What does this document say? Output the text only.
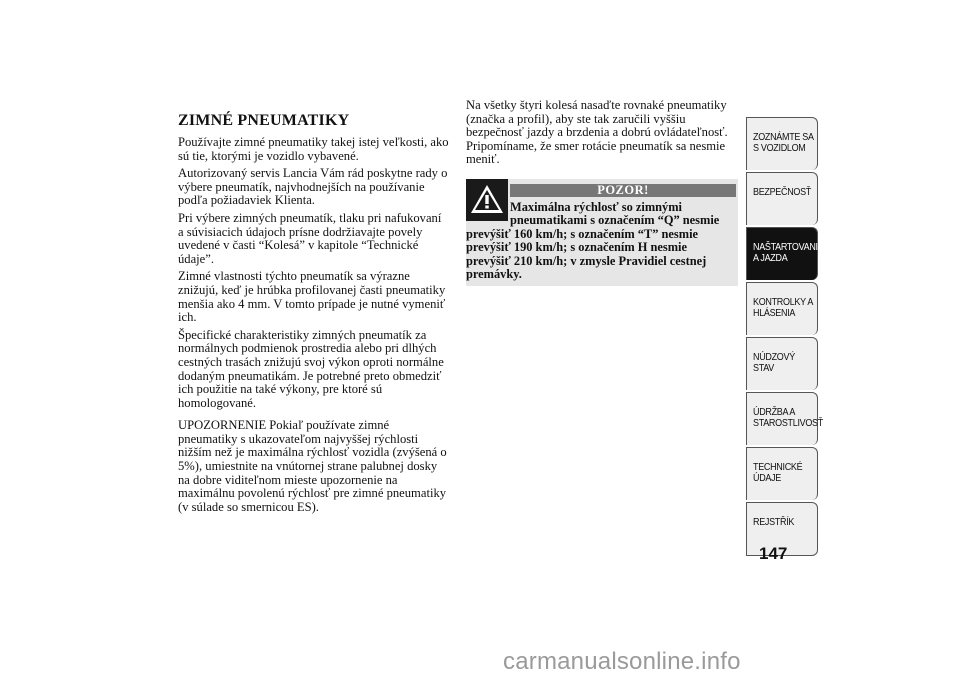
ZIMNÉ PNEUMATIKY

Používajte zimné pneumatiky takej istej veľkosti, ako sú tie, ktorými je vozidlo vybavené.

Autorizovaný servis Lancia Vám rád poskytne rady o výbere pneumatík, najvhodnejších na používanie podľa požiadaviek Klienta.

Pri výbere zimných pneumatík, tlaku pri nafukovaní a súvisiacich údajoch prísne dodržiavajte povely uvedené v časti “Kolesá” v kapitole “Technické údaje”.

Zimné vlastnosti týchto pneumatík sa výrazne znižujú, keď je hrúbka profilovanej časti pneumatiky menšia ako 4 mm. V tomto prípade je nutné vymeniť ich.

Špecifické charakteristiky zimných pneumatík za normálnych podmienok prostredia alebo pri dlhých cestných trasách znižujú svoj výkon oproti normálne dodaným pneumatikám. Je potrebné preto obmedziť ich použitie na také výkony, pre ktoré sú homologované.

UPOZORNENIE Pokiaľ používate zimné pneumatiky s ukazovateľom najvyššej rýchlosti nižším než je maximálna rýchlosť vozidla (zvýšená o 5%), umiestnite na vnútornej strane palubnej dosky na dobre viditeľnom mieste upozornenie na maximálnu povolenú rýchlosť pre zimné pneumatiky (v súlade so smernicou ES).

Na všetky štyri kolesá nasaďte rovnaké pneumatiky (značka a profil), aby ste tak zaručili vyššiu bezpečnosť jazdy a brzdenia a dobrú ovládateľnosť. Pripomíname, že smer rotácie pneumatík sa nesmie meniť.

POZOR!
Maximálna rýchlosť so zimnými pneumatikami s označením “Q” nesmie
prevýšiť 160 km/h; s označením “T” nesmie prevýšiť 190 km/h; s označením H nesmie prevýšiť 210 km/h; v zmysle Pravidiel cestnej premávky.
ZOZNÁMTE SA S VOZIDLOM
BEZPEČNOSŤ
NAŠTARTOVANIE A JAZDA
KONTROLKY A HLÁSENIA
NÚDZOVÝ STAV
ÚDRŽBA A STAROSTLIVOSŤ
TECHNICKÉ ÚDAJE
REJSTŘÍK
147
carmanualsonline.info
